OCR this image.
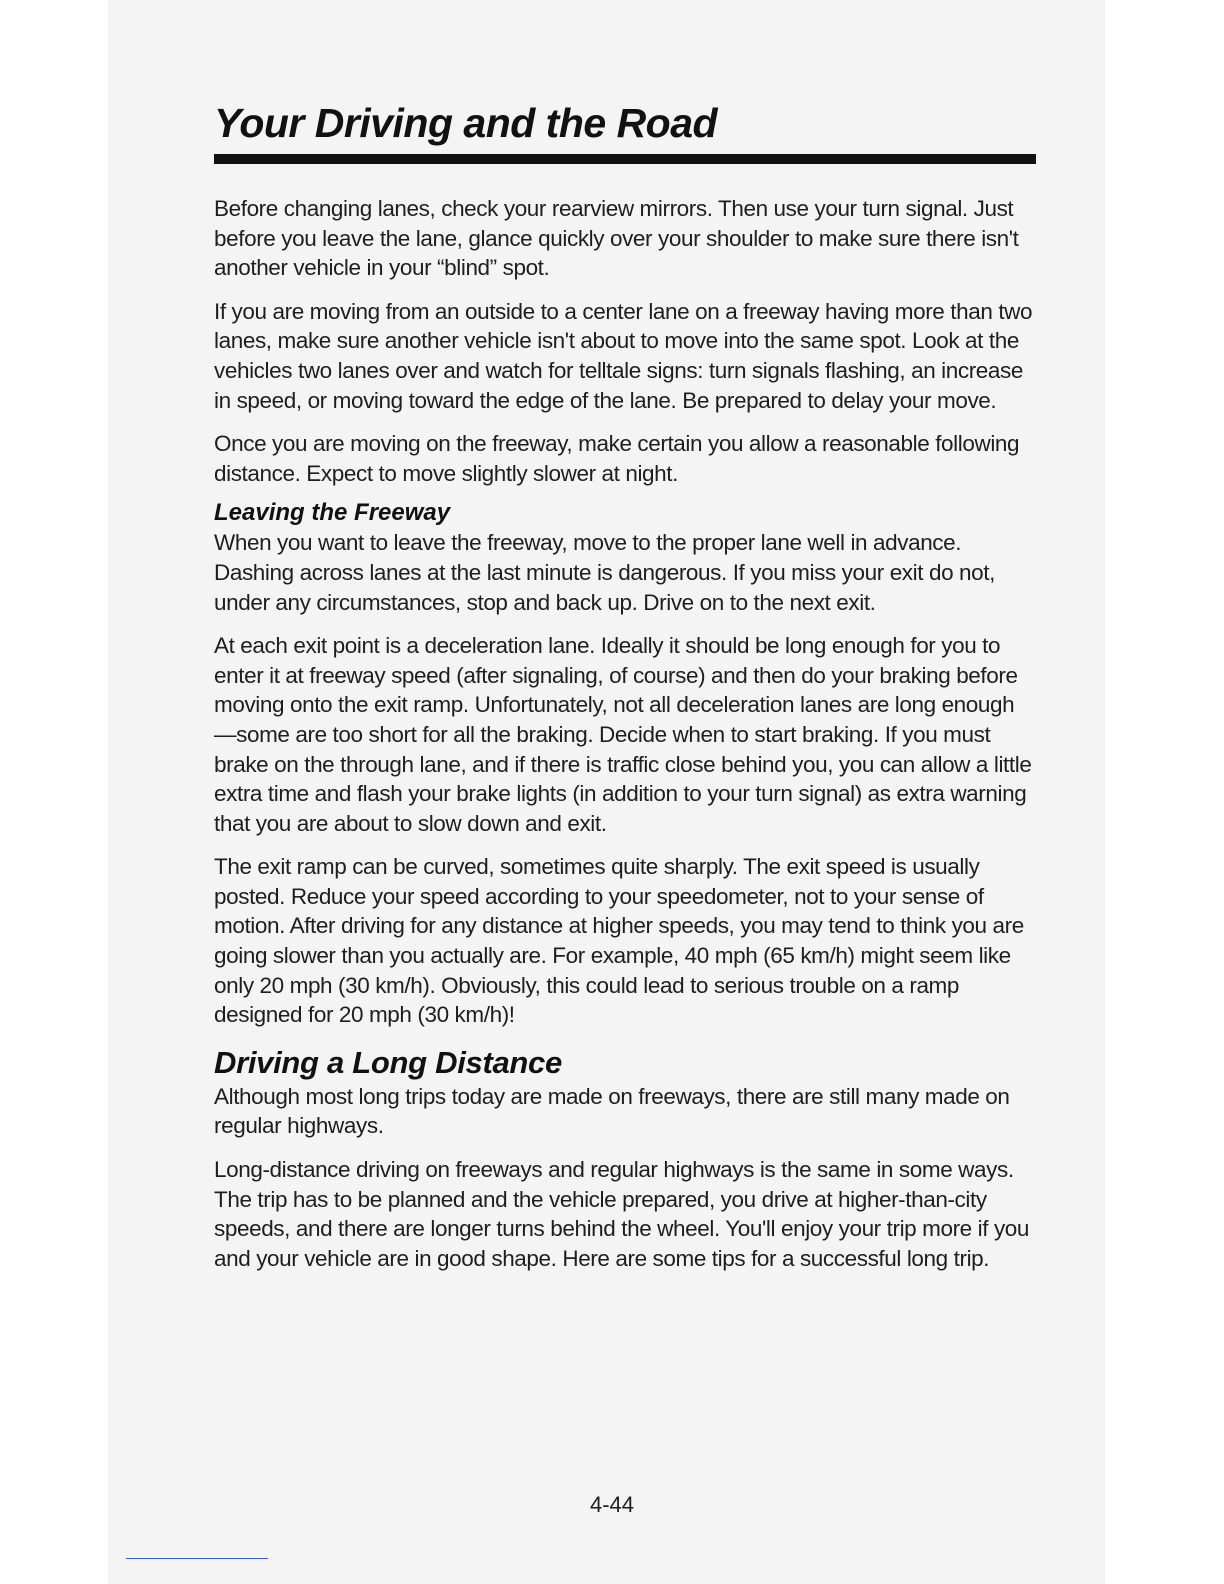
Your Driving and the Road

Before changing lanes, check your rearview mirrors. Then use your turn signal. Just before you leave the lane, glance quickly over your shoulder to make sure there isn't another vehicle in your “blind” spot.

If you are moving from an outside to a center lane on a freeway having more than two lanes, make sure another vehicle isn't about to move into the same spot. Look at the vehicles two lanes over and watch for telltale signs: turn signals flashing, an increase in speed, or moving toward the edge of the lane. Be prepared to delay your move.

Once you are moving on the freeway, make certain you allow a reasonable following distance. Expect to move slightly slower at night.

Leaving the Freeway

When you want to leave the freeway, move to the proper lane well in advance. Dashing across lanes at the last minute is dangerous. If you miss your exit do not, under any circumstances, stop and back up. Drive on to the next exit.

At each exit point is a deceleration lane. Ideally it should be long enough for you to enter it at freeway speed (after signaling, of course) and then do your braking before moving onto the exit ramp. Unfortunately, not all deceleration lanes are long enough—some are too short for all the braking. Decide when to start braking. If you must brake on the through lane, and if there is traffic close behind you, you can allow a little extra time and flash your brake lights (in addition to your turn signal) as extra warning that you are about to slow down and exit.

The exit ramp can be curved, sometimes quite sharply. The exit speed is usually posted. Reduce your speed according to your speedometer, not to your sense of motion. After driving for any distance at higher speeds, you may tend to think you are going slower than you actually are. For example, 40 mph (65 km/h) might seem like only 20 mph (30 km/h). Obviously, this could lead to serious trouble on a ramp designed for 20 mph (30 km/h)!

Driving a Long Distance

Although most long trips today are made on freeways, there are still many made on regular highways.

Long-distance driving on freeways and regular highways is the same in some ways. The trip has to be planned and the vehicle prepared, you drive at higher-than-city speeds, and there are longer turns behind the wheel. You'll enjoy your trip more if you and your vehicle are in good shape. Here are some tips for a successful long trip.

4-44
